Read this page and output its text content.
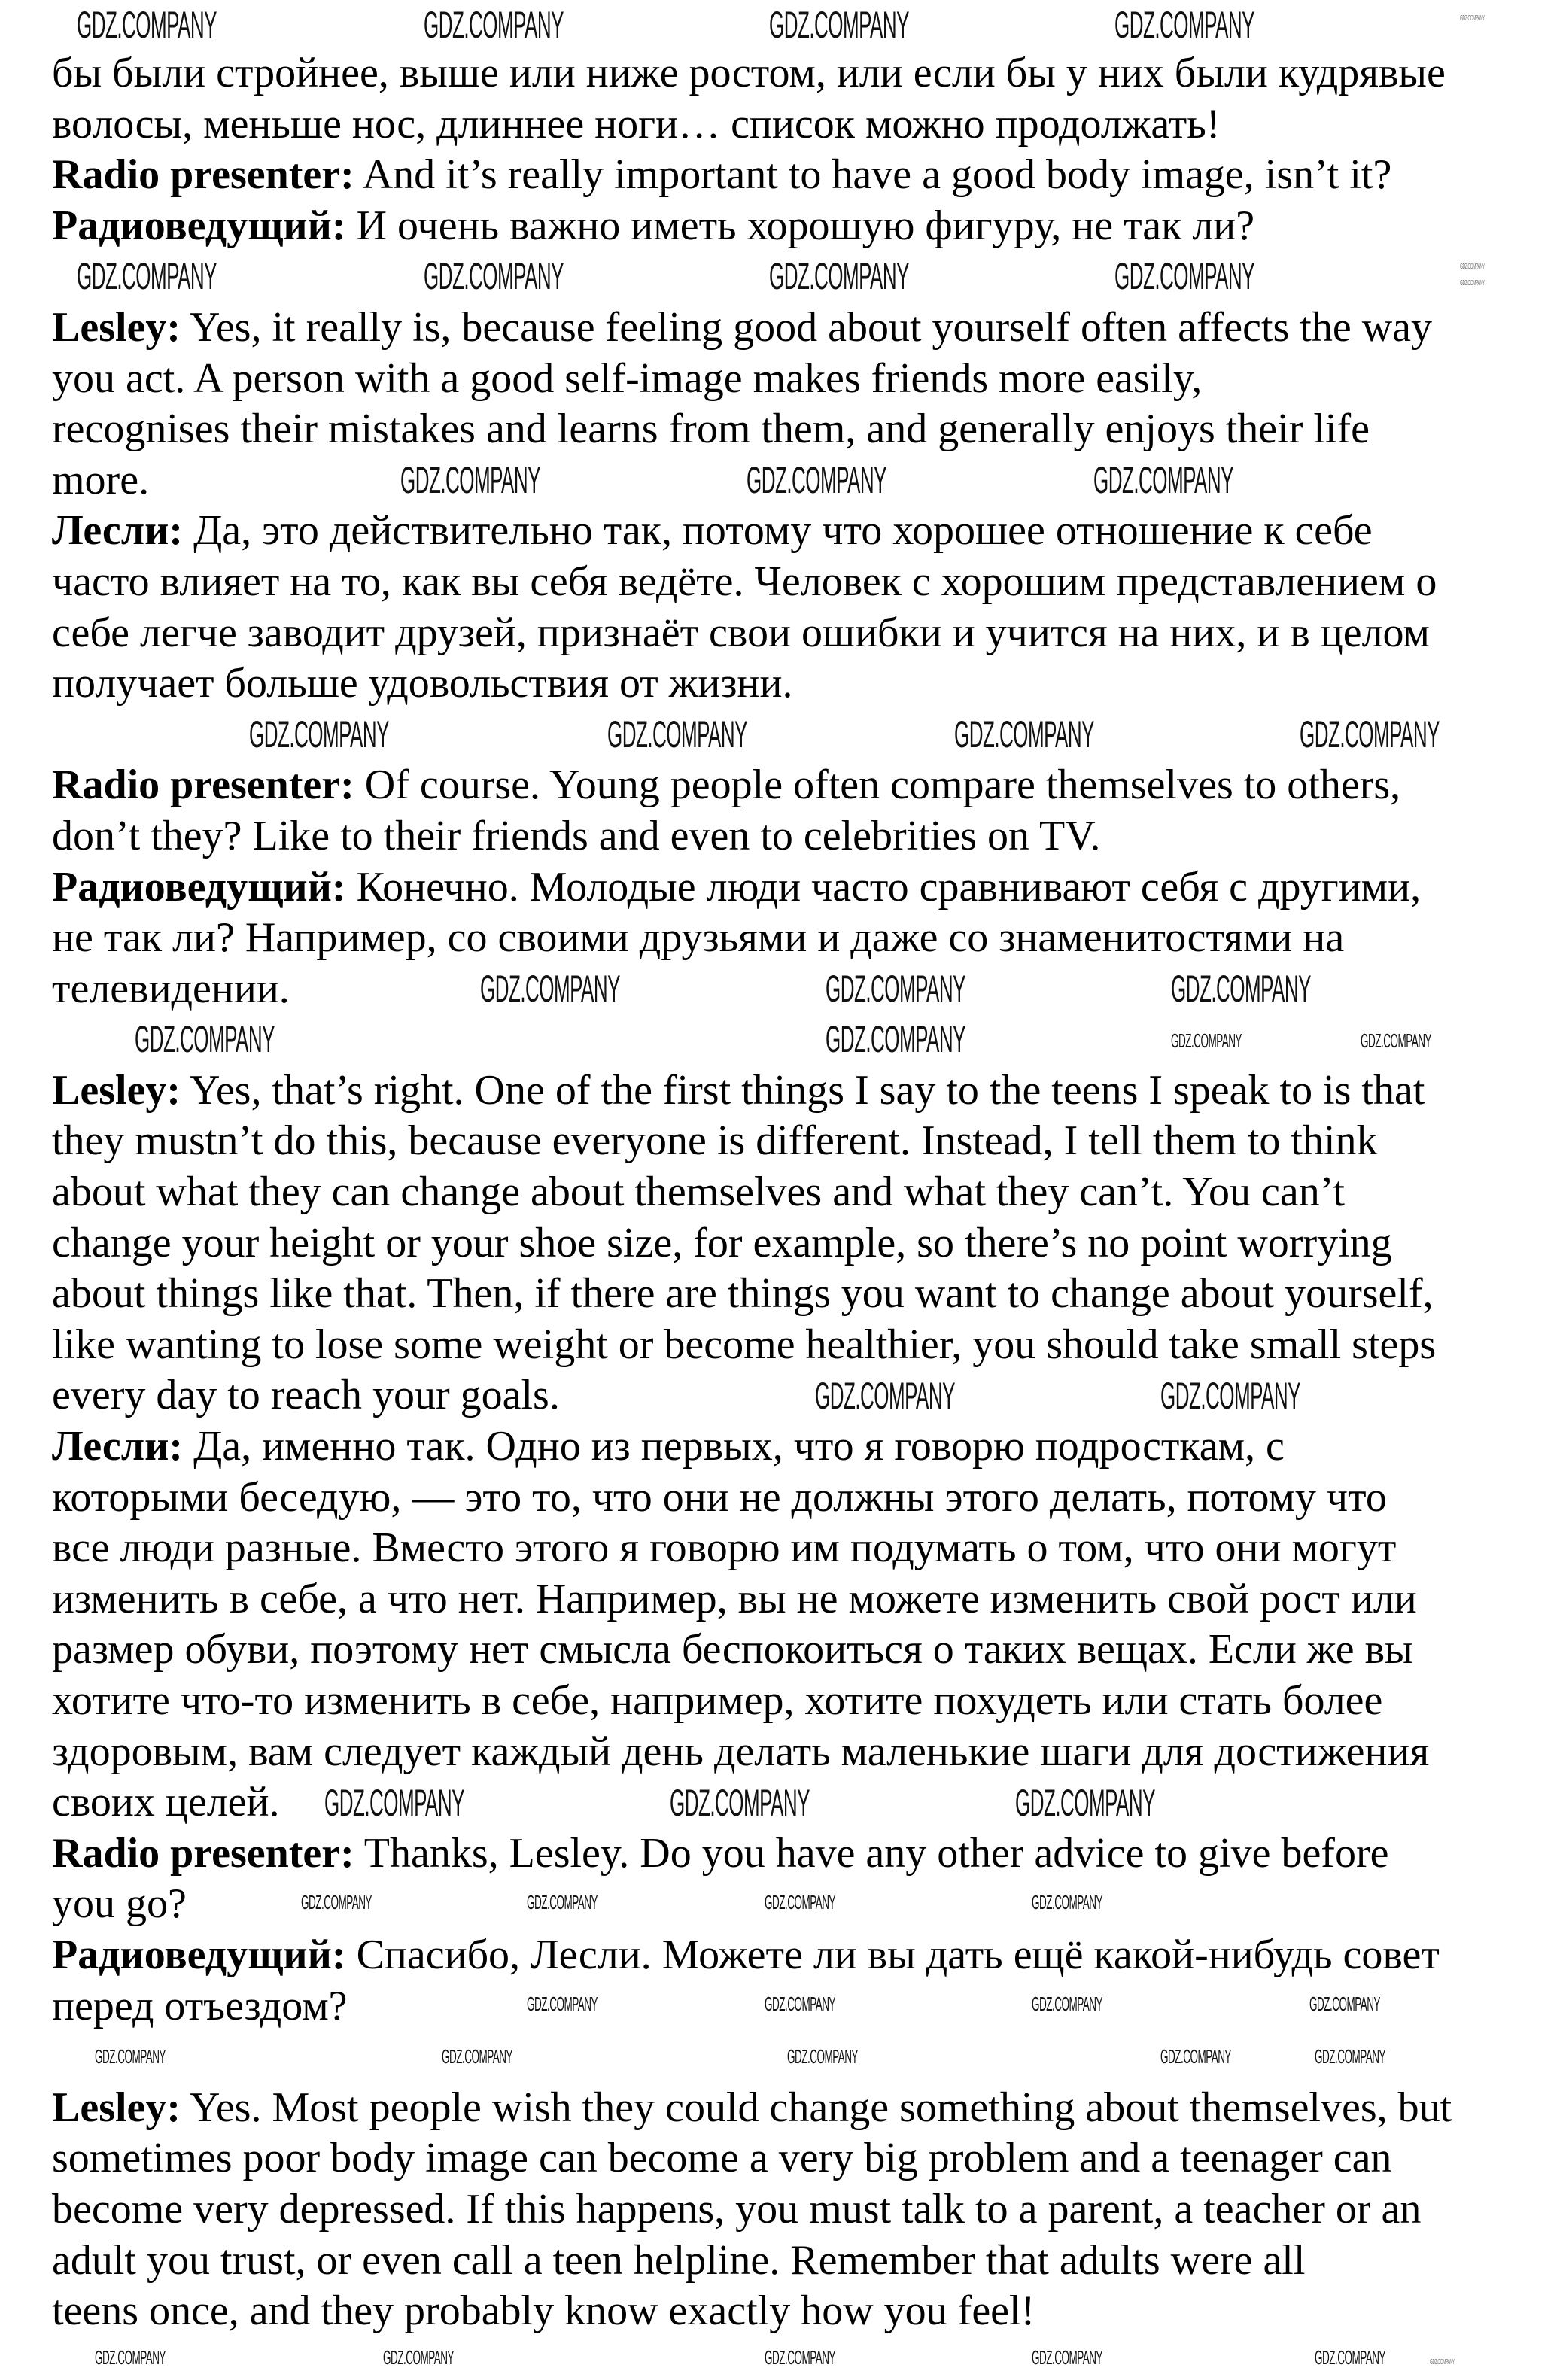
бы были стройнее, выше или ниже ростом, или если бы у них были кудрявые
волосы, меньше нос, длиннее ноги… список можно продолжать!
Radio presenter: And it’s really important to have a good body image, isn’t it?
Радиоведущий: И очень важно иметь хорошую фигуру, не так ли?
Lesley: Yes, it really is, because feeling good about yourself often affects the way
you act. A person with a good self-image makes friends more easily,
recognises their mistakes and learns from them, and generally enjoys their life
more.
Лесли: Да, это действительно так, потому что хорошее отношение к себе
часто влияет на то, как вы себя ведёте. Человек с хорошим представлением о
себе легче заводит друзей, признаёт свои ошибки и учится на них, и в целом
получает больше удовольствия от жизни.
Radio presenter: Of course. Young people often compare themselves to others,
don’t they? Like to their friends and even to celebrities on TV.
Радиоведущий: Конечно. Молодые люди часто сравнивают себя с другими,
не так ли? Например, со своими друзьями и даже со знаменитостями на
телевидении.
Lesley: Yes, that’s right. One of the first things I say to the teens I speak to is that
they mustn’t do this, because everyone is different. Instead, I tell them to think
about what they can change about themselves and what they can’t. You can’t
change your height or your shoe size, for example, so there’s no point worrying
about things like that. Then, if there are things you want to change about yourself,
like wanting to lose some weight or become healthier, you should take small steps
every day to reach your goals.
Лесли: Да, именно так. Одно из первых, что я говорю подросткам, с
которыми беседую, — это то, что они не должны этого делать, потому что
все люди разные. Вместо этого я говорю им подумать о том, что они могут
изменить в себе, а что нет. Например, вы не можете изменить свой рост или
размер обуви, поэтому нет смысла беспокоиться о таких вещах. Если же вы
хотите что-то изменить в себе, например, хотите похудеть или стать более
здоровым, вам следует каждый день делать маленькие шаги для достижения
своих целей.
Radio presenter: Thanks, Lesley. Do you have any other advice to give before
you go?
Радиоведущий: Спасибо, Лесли. Можете ли вы дать ещё какой-нибудь совет
перед отъездом?
Lesley: Yes. Most people wish they could change something about themselves, but
sometimes poor body image can become a very big problem and a teenager can
become very depressed. If this happens, you must talk to a parent, a teacher or an
adult you trust, or even call a teen helpline. Remember that adults were all
teens once, and they probably know exactly how you feel!
GDZ.COMPANY	GDZ.COMPANY	GDZ.COMPANY	GDZ.COMPANY
GDZ.COMPANY	GDZ.COMPANY	GDZ.COMPANY	GDZ.COMPANY
GDZ.COMPANY	GDZ.COMPANY	GDZ.COMPANY
GDZ.COMPANY	GDZ.COMPANY	GDZ.COMPANY	GDZ.COMPANY
GDZ.COMPANY	GDZ.COMPANY	GDZ.COMPANY
GDZ.COMPANY	GDZ.COMPANY
GDZ.COMPANY	GDZ.COMPANY
GDZ.COMPANY	GDZ.COMPANY	GDZ.COMPANY
GDZ.COMPANY	GDZ.COMPANY
GDZ.COMPANY	GDZ.COMPANY	GDZ.COMPANY	GDZ.COMPANY
GDZ.COMPANY	GDZ.COMPANY	GDZ.COMPANY	GDZ.COMPANY
GDZ.COMPANY	GDZ.COMPANY	GDZ.COMPANY	GDZ.COMPANY	GDZ.COMPANY
GDZ.COMPANY	GDZ.COMPANY	GDZ.COMPANY	GDZ.COMPANY	GDZ.COMPANY
GDZ.COMPANY
GDZ.COMPANY
GDZ.COMPANY
GDZ.COMPANY
